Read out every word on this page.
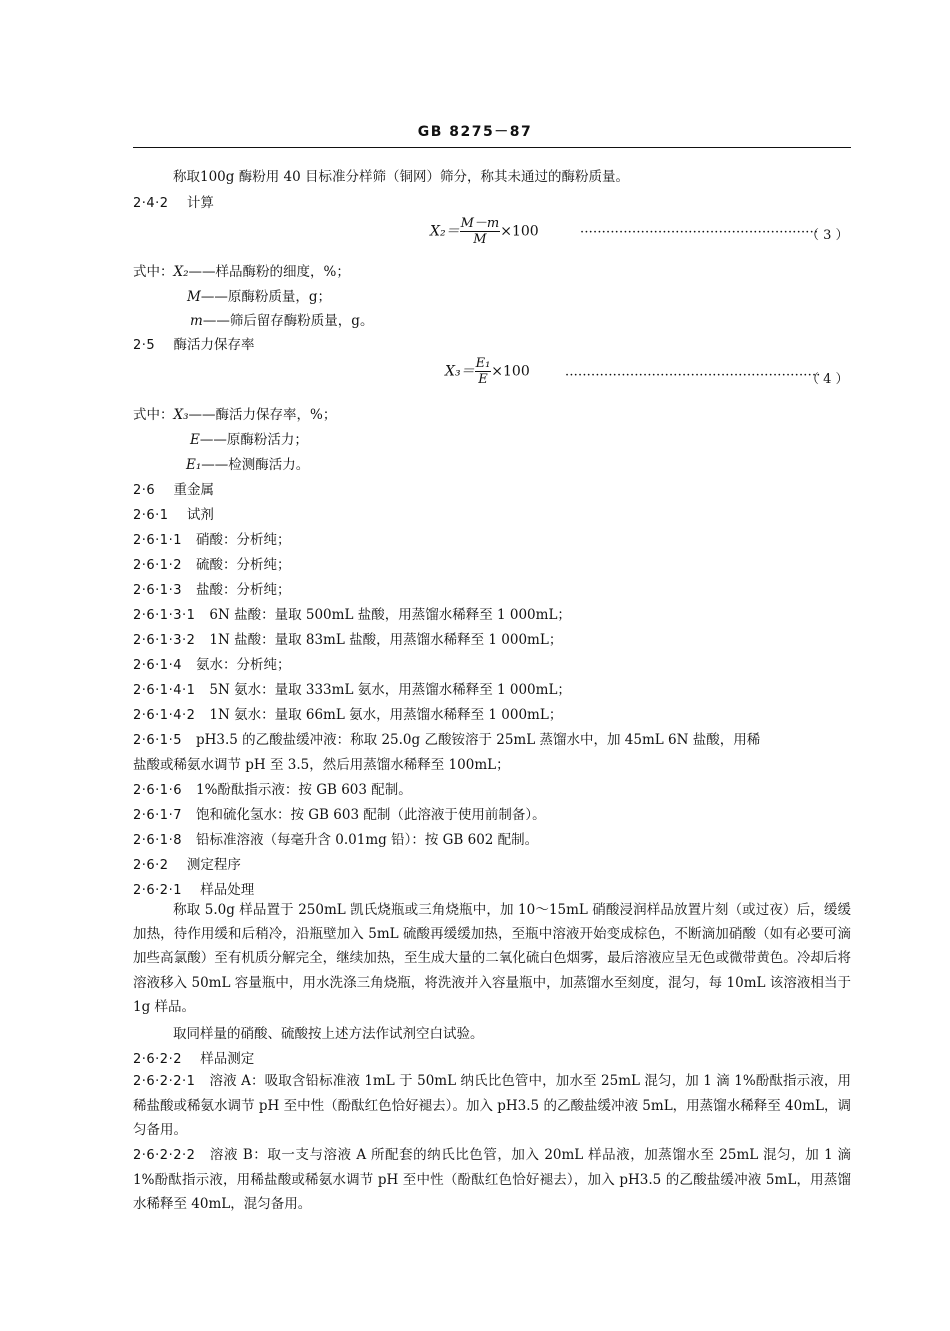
GB 8275－87
称取100g 酶粉用 40 目标准分样筛（铜网）筛分，称其未通过的酶粉质量。
2·4·2 计算
$X_2= \frac{M-m}{M} \times 100$	·······················································
（ 3 ）
式中：X₂——样品酶粉的细度，%；
M——原酶粉质量，g；
m——筛后留存酶粉质量，g。
2·5 酶活力保存率
$X_3= \frac{\text{E₁}}{E} \times 100$	···························································
（ 4 ）
式中：X₃——酶活力保存率，%；
E——原酶粉活力；
E₁——检测酶活力。
2·6 重金属
2·6·1 试剂
2·6·1·1 硝酸：分析纯；
2·6·1·2 硫酸：分析纯；
2·6·1·3 盐酸：分析纯；
2·6·1·3·1 6N 盐酸：量取 500mL 盐酸，用蒸馏水稀释至 1 000mL；
2·6·1·3·2 1N 盐酸：量取 83mL 盐酸，用蒸馏水稀释至 1 000mL；
2·6·1·4 氨水：分析纯；
2·6·1·4·1 5N 氨水：量取 333mL 氨水，用蒸馏水稀释至 1 000mL；
2·6·1·4·2 1N 氨水：量取 66mL 氨水，用蒸馏水稀释至 1 000mL；
2·6·1·5 pH3.5 的乙酸盐缓冲液：称取 25.0g 乙酸铵溶于 25mL 蒸馏水中，加 45mL 6N 盐酸，用稀
盐酸或稀氨水调节 pH 至 3.5，然后用蒸馏水稀释至 100mL；
2·6·1·6 1%酚酞指示液：按 GB 603 配制。
2·6·1·7 饱和硫化氢水：按 GB 603 配制（此溶液于使用前制备）。
2·6·1·8 铅标准溶液（每毫升含 0.01mg 铅）：按 GB 602 配制。
2·6·2 测定程序
2·6·2·1 样品处理
称取 5.0g 样品置于 250mL 凯氏烧瓶或三角烧瓶中，加 10～15mL 硝酸浸润样品放置片刻（或过夜）后，缓缓加热，待作用缓和后稍冷，沿瓶壁加入 5mL 硫酸再缓缓加热，至瓶中溶液开始变成棕色，不断滴加硝酸（如有必要可滴加些高氯酸）至有机质分解完全，继续加热，至生成大量的二氧化硫白色烟雾，最后溶液应呈无色或微带黄色。冷却后将溶液移入 50mL 容量瓶中，用水洗涤三角烧瓶，将洗液并入容量瓶中，加蒸馏水至刻度，混匀，每 10mL 该溶液相当于 1g 样品。
取同样量的硝酸、硫酸按上述方法作试剂空白试验。
2·6·2·2 样品测定
2·6·2·2·1 溶液 A：吸取含铅标准液 1mL 于 50mL 纳氏比色管中，加水至 25mL 混匀，加 1 滴 1%酚酞指示液，用稀盐酸或稀氨水调节 pH 至中性（酚酞红色恰好褪去）。加入 pH3.5 的乙酸盐缓冲液 5mL，用蒸馏水稀释至 40mL，调匀备用。
2·6·2·2·2 溶液 B：取一支与溶液 A 所配套的纳氏比色管，加入 20mL 样品液，加蒸馏水至 25mL 混匀，加 1 滴 1%酚酞指示液，用稀盐酸或稀氨水调节 pH 至中性（酚酞红色恰好褪去），加入 pH3.5 的乙酸盐缓冲液 5mL，用蒸馏水稀释至 40mL，混匀备用。
